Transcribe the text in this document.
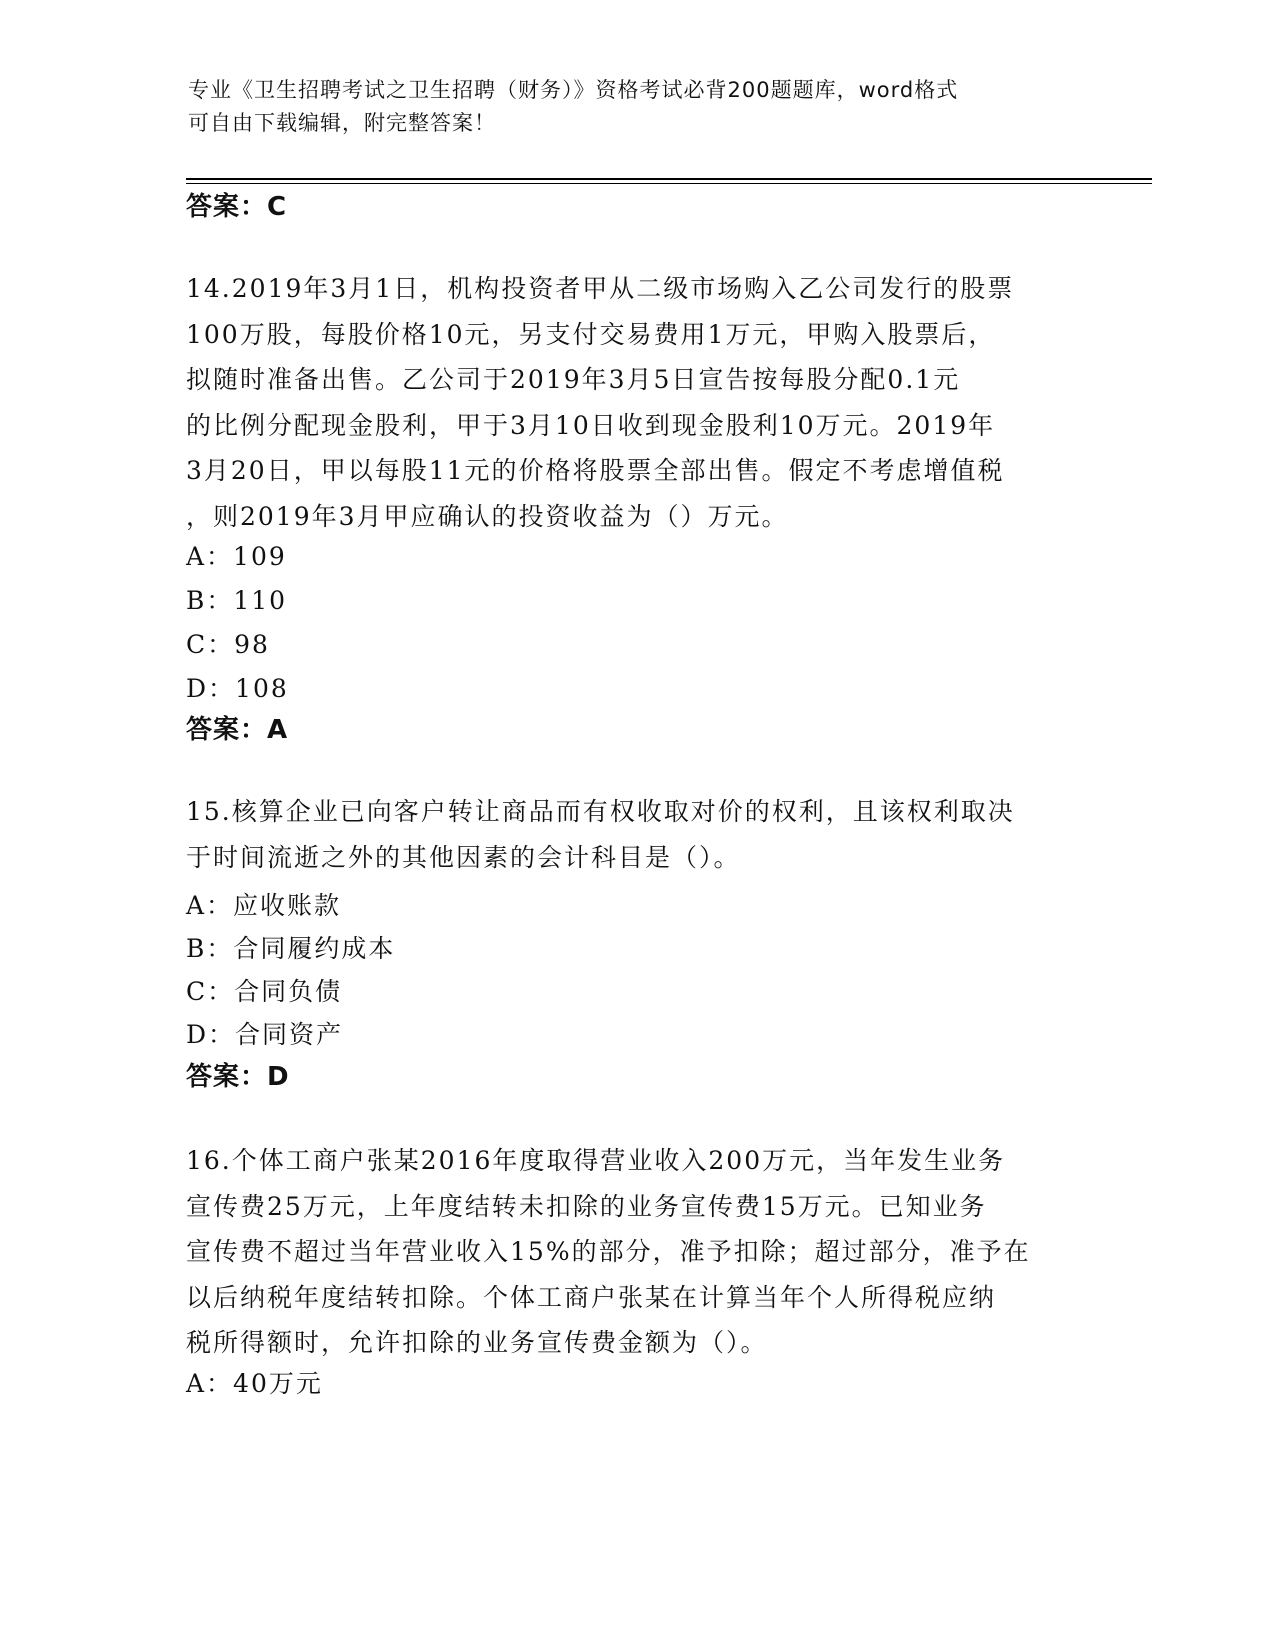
专业《卫生招聘考试之卫生招聘（财务）》资格考试必背200题题库，word格式
可自由下载编辑，附完整答案！
答案：C
14.2019年3月1日，机构投资者甲从二级市场购入乙公司发行的股票
100万股，每股价格10元，另支付交易费用1万元，甲购入股票后，
拟随时准备出售。乙公司于2019年3月5日宣告按每股分配0.1元
的比例分配现金股利，甲于3月10日收到现金股利10万元。2019年
3月20日，甲以每股11元的价格将股票全部出售。假定不考虑增值税
，则2019年3月甲应确认的投资收益为（）万元。
A：109
B：110
C：98
D：108
答案：A
15.核算企业已向客户转让商品而有权收取对价的权利，且该权利取决
于时间流逝之外的其他因素的会计科目是（）。
A：应收账款
B：合同履约成本
C：合同负债
D：合同资产
答案：D
16.个体工商户张某2016年度取得营业收入200万元，当年发生业务
宣传费25万元，上年度结转未扣除的业务宣传费15万元。已知业务
宣传费不超过当年营业收入15%的部分，准予扣除；超过部分，准予在
以后纳税年度结转扣除。个体工商户张某在计算当年个人所得税应纳
税所得额时，允许扣除的业务宣传费金额为（）。
A：40万元
